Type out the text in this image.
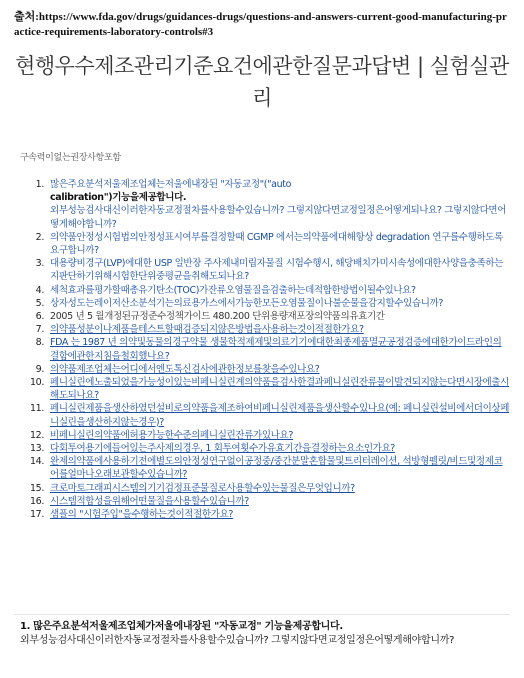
출처:https://www.fda.gov/drugs/guidances-drugs/questions-and-answers-current-good-manufacturing-practice-requirements-laboratory-controls#3
현행우수제조관리기준요건에관한질문과답변 | 실험실관리
구속력이없는권장사항포함
1. 많은주요분석저울제조업체는저울에내장된 "자동교정"("auto
calibration")기능을제공합니다.
외부성능검사대신이러한자동교정절차를사용할수있습니까? 그렇지않다면교정일정은어떻게되나요? 그렇지않다면어떻게해야합니까?
2. 의약품안정성시험법의안정성표시여부를결정할때 CGMP 에서는의약품에대해항상 degradation 연구를수행하도록요구합니까?
3. 대용량비경구(LVP)에대한 USP 일반장 주사제내미립자물질 시험수행시, 해당배치가미시속성에대한사양을충족하는지판단하기위해시험한단위중평균을취해도되나요?
4. 세척효과를평가할때총유기탄소(TOC)가잔류오염물질을검출하는데적합한방법이될수있나요?
5. 상자성도는레이저산소분석기는의료용가스에서가능한모든오염물질이나불순물을감지할수있습니까?
6. 2005 년 5 월개정된규정준수정책가이드 480.200 단위용량재포장의약품의유효기간
7. 의약품성분이나제품을테스트할때검증되지않은방법을사용하는것이적절한가요?
8. FDA 는 1987 년 의약및동물의경구약물 생물학적제제및의료기기에대한최종제품멸균공정검증에대한가이드라인의 결함에관한지침을철회했나요?
9. 의약품제조업체는어디에서엔도톡신검사에관한정보를찾을수있나요?
10. 페니실린에노출되었을가능성이있는비페니실린계의약품을검사한결과페니실린잔류물이발견되지않는다면시장에출시해도되나요?
11. 페니실린제품을생산하였던설비로의약품을제조하여비페니실린제품을생산할수있나요(예: 페니실린설비에서더이상페니실린을생산하지않는경우)?
12. 비페니실린의약품에허용가능한수준의페니실린잔류가있나요?
13. 다회투여용기에들어있는주사제의경우, 1 회투여횟수가유효기간을결정하는요소인가요?
14. 완제의약품에사용하기전에별도의안정성연구없이공정중/중간분말혼합물및트리터레이션, 석방형펠릿/비드및정제코어를얼마나오래보관할수있습니까?
15. 크로마토그래피시스템의기기검정표준물질로사용할수있는물질은무엇입니까?
16. 시스템적합성을위해어떤물질을사용할수있습니까?
17. 샘플의 "시험주입"을수행하는것이적절한가요?
1. 많은주요분석저울제조업체가저울에내장된 "자동교정" 기능을제공합니다.
외부성능검사대신이러한자동교정절차를사용할수있습니까? 그렇지않다면교정일정은어떻게해야합니까?
